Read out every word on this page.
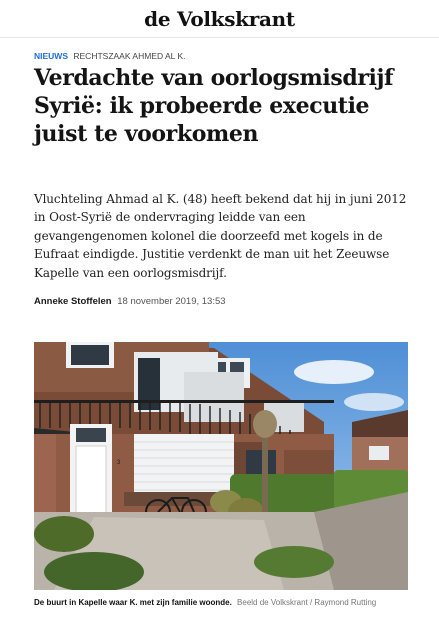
de Volkskrant
NIEUWS RECHTSZAAK AHMED AL K.
Verdachte van oorlogsmisdrijf Syrië: ik probeerde executie juist te voorkomen

Vluchteling Ahmad al K. (48) heeft bekend dat hij in juni 2012 in Oost-Syrië de ondervraging leidde van een gevangengenomen kolonel die doorzeefd met kogels in de Eufraat eindigde. Justitie verdenkt de man uit het Zeeuwse Kapelle van een oorlogsmisdrijf.

Anneke Stoffelen 18 november 2019, 13:53
3
De buurt in Kapelle waar K. met zijn familie woonde. Beeld de Volkskrant / Raymond Rutting
